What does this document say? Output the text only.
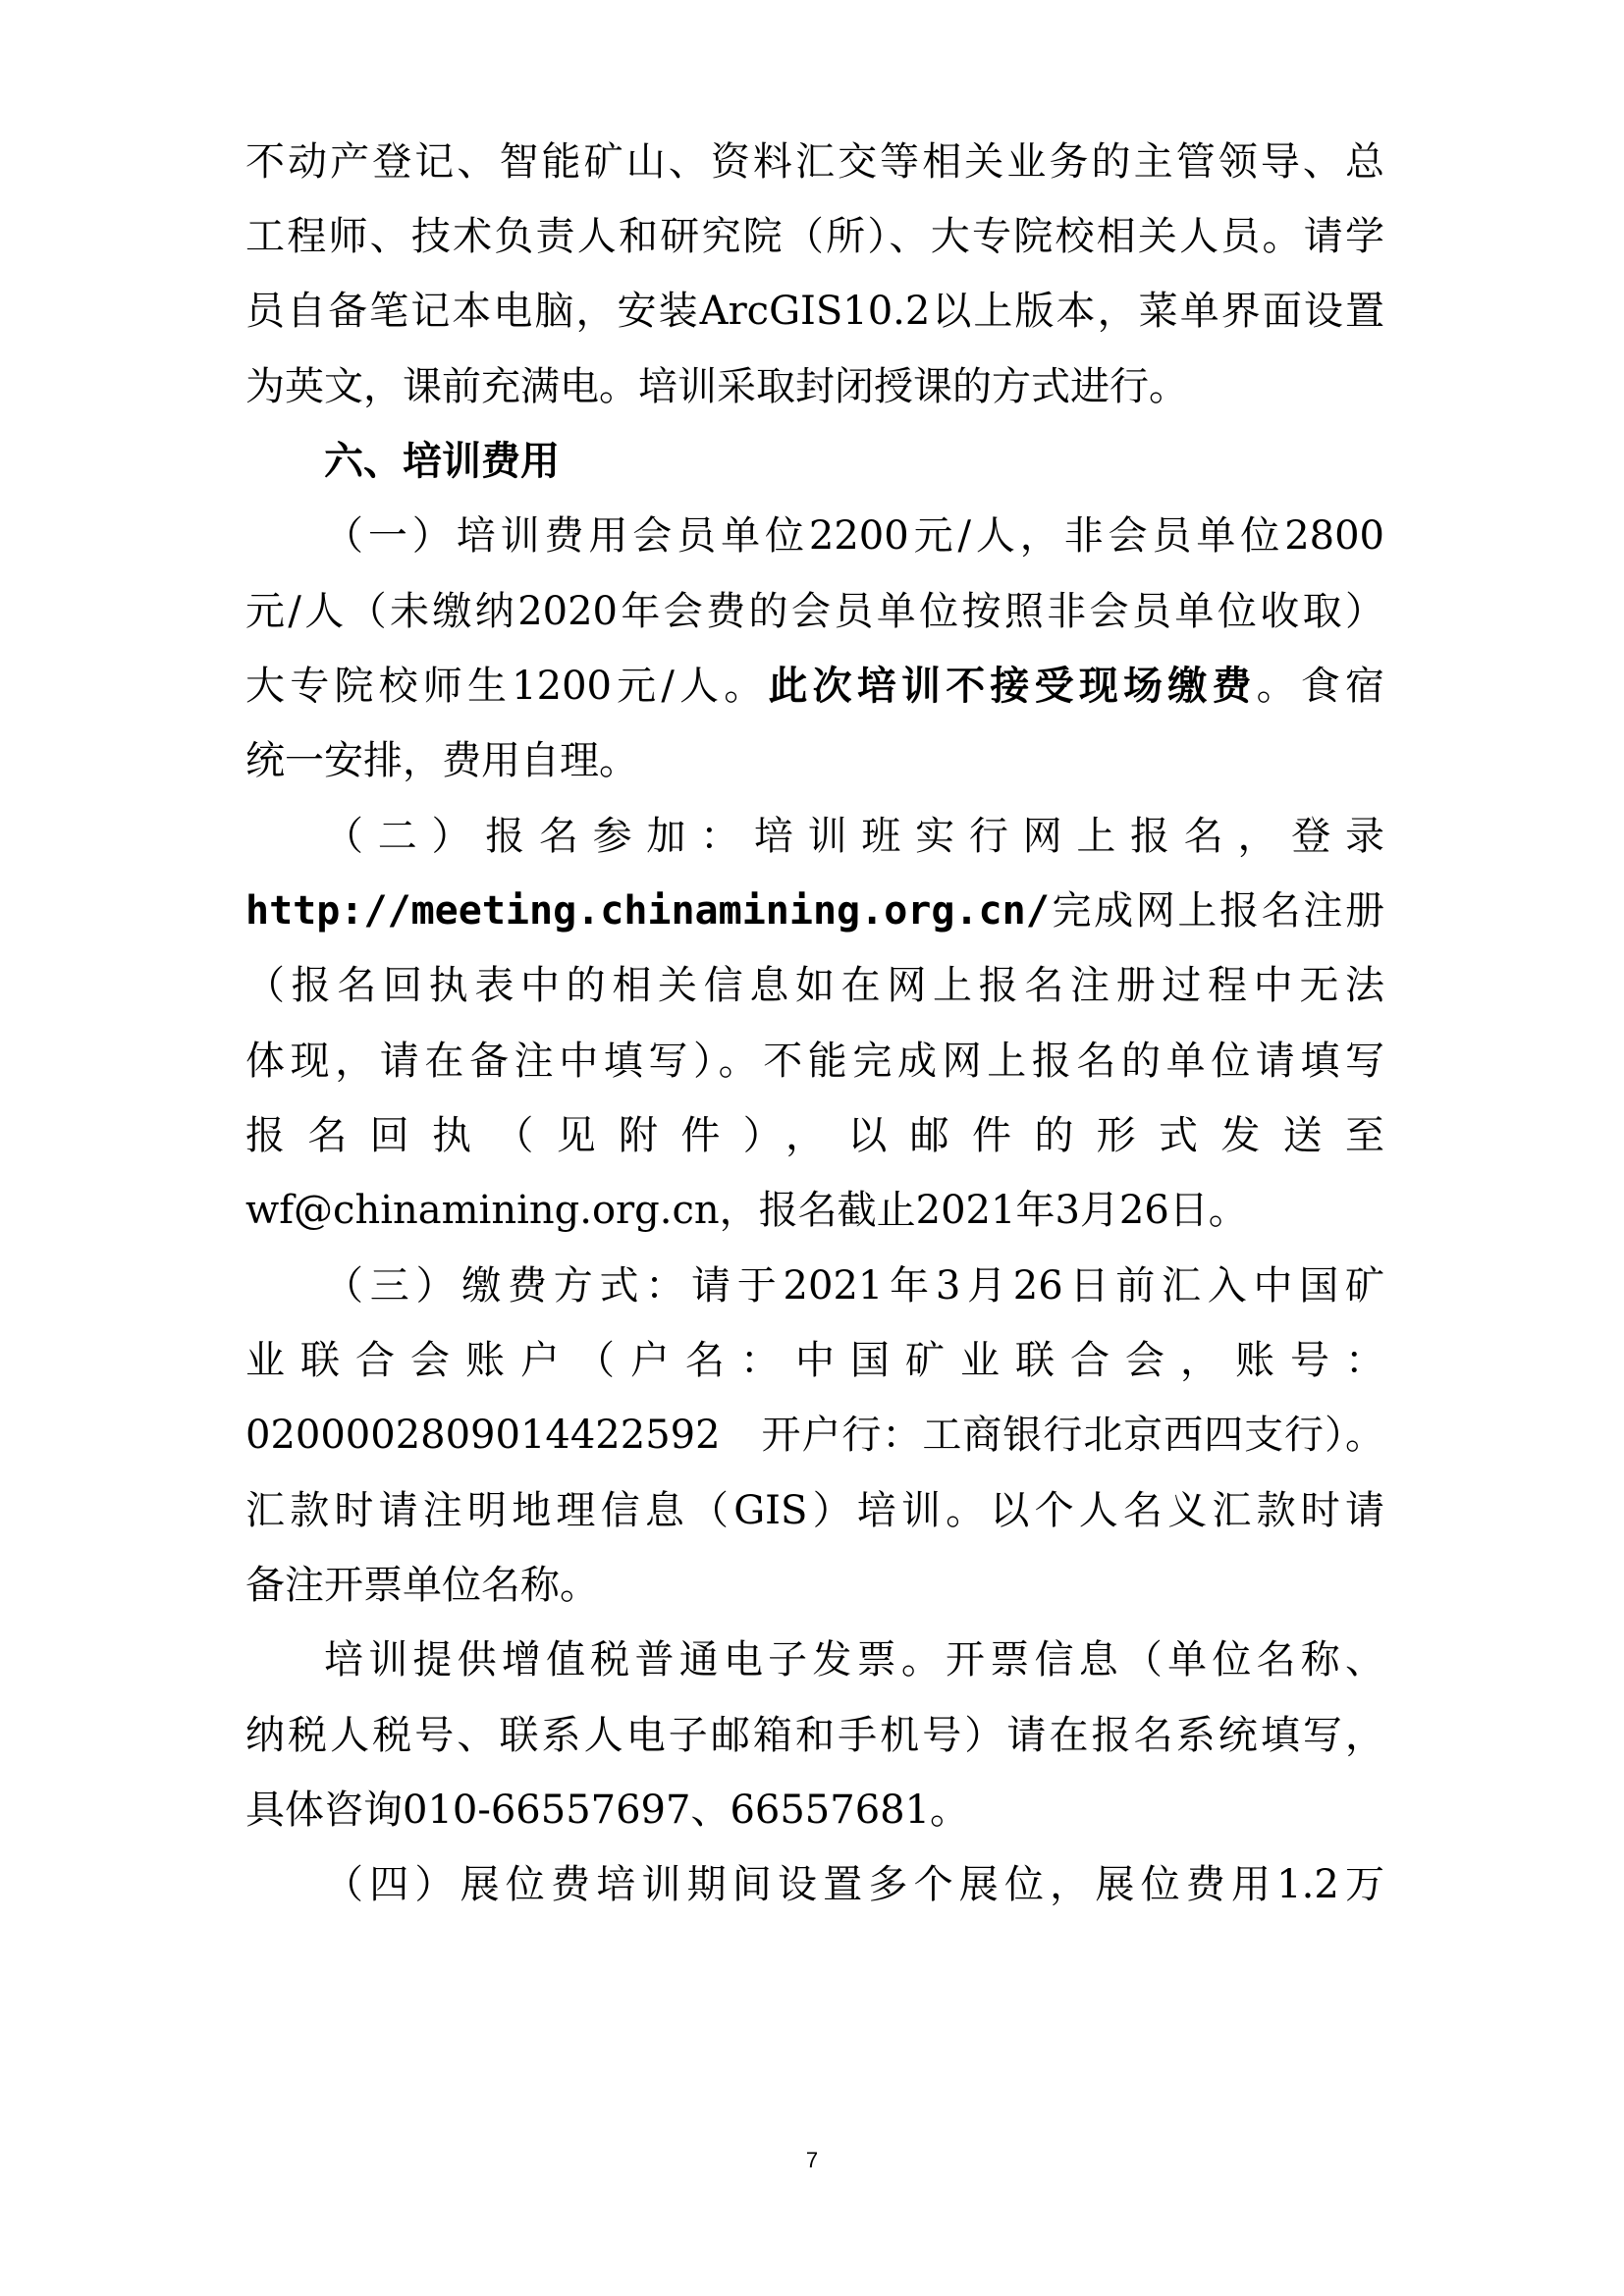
不动产登记、智能矿山、资料汇交等相关业务的主管领导、总
工程师、技术负责人和研究院（所）、大专院校相关人员。请学
员自备笔记本电脑，安装ArcGIS10.2以上版本，菜单界面设置
为英文，课前充满电。培训采取封闭授课的方式进行。
六、培训费用
（一）培训费用会员单位2200元/人，非会员单位2800
元/人（未缴纳2020年会费的会员单位按照非会员单位收取）
大专院校师生1200元/人。此次培训不接受现场缴费。食宿
统一安排，费用自理。
（二）报名参加：培训班实行网上报名，登录
http://meeting.chinamining.org.cn/完成网上报名注册
（报名回执表中的相关信息如在网上报名注册过程中无法
体现，请在备注中填写）。不能完成网上报名的单位请填写
报名回执（见附件），以邮件的形式发送至
wf@chinamining.org.cn，报名截止2021年3月26日。
（三）缴费方式：请于2021年3月26日前汇入中国矿
业联合会账户（户名：中国矿业联合会，账号：
0200002809014422592　开户行：工商银行北京西四支行）。
汇款时请注明地理信息（GIS）培训。以个人名义汇款时请
备注开票单位名称。
培训提供增值税普通电子发票。开票信息（单位名称、
纳税人税号、联系人电子邮箱和手机号）请在报名系统填写，
具体咨询010-66557697、66557681。
（四）展位费培训期间设置多个展位，展位费用1.2万
7
